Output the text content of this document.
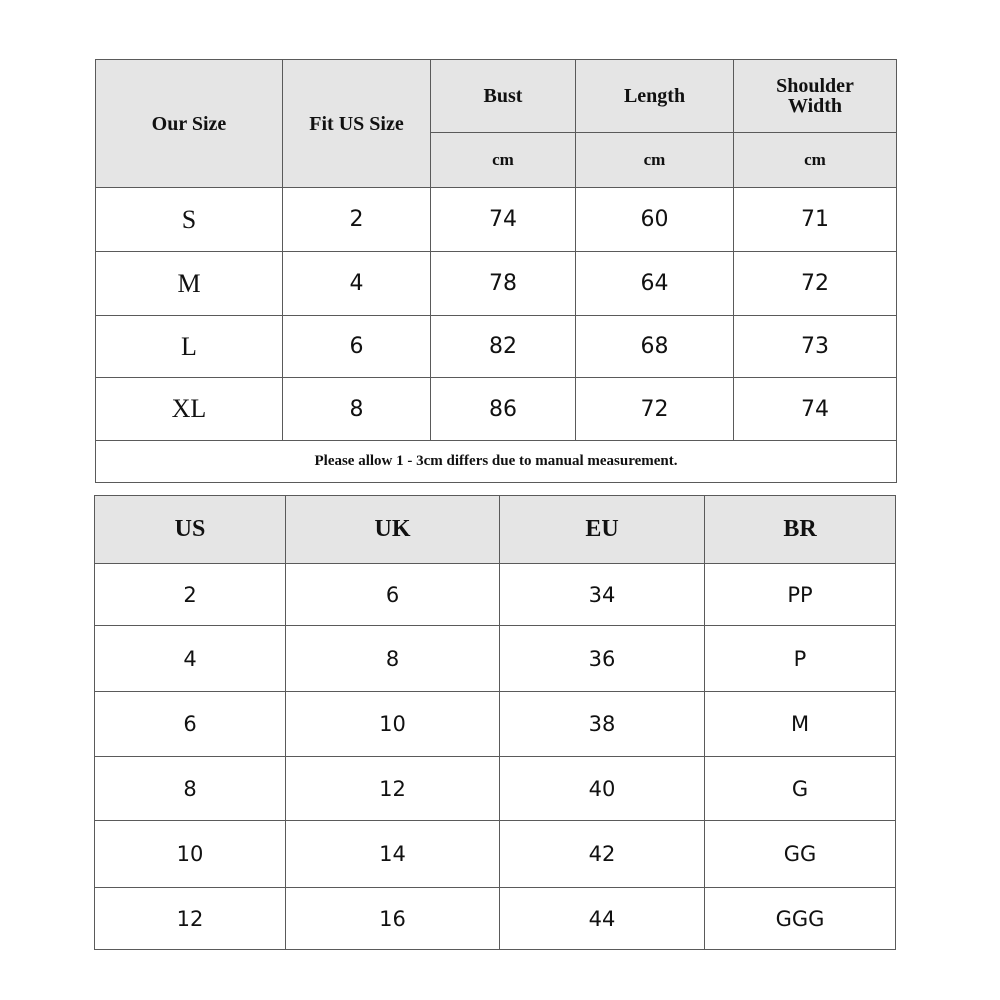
Our Size	Fit US Size	Bust	Length	Shoulder Width
		cm	cm	cm
S	2	74	60	71
M	4	78	64	72
L	6	82	68	73
XL	8	86	72	74
Please allow 1 - 3cm differs due to manual measurement.				
US	UK	EU	BR
2	6	34	PP
4	8	36	P
6	10	38	M
8	12	40	G
10	14	42	GG
12	16	44	GGG
